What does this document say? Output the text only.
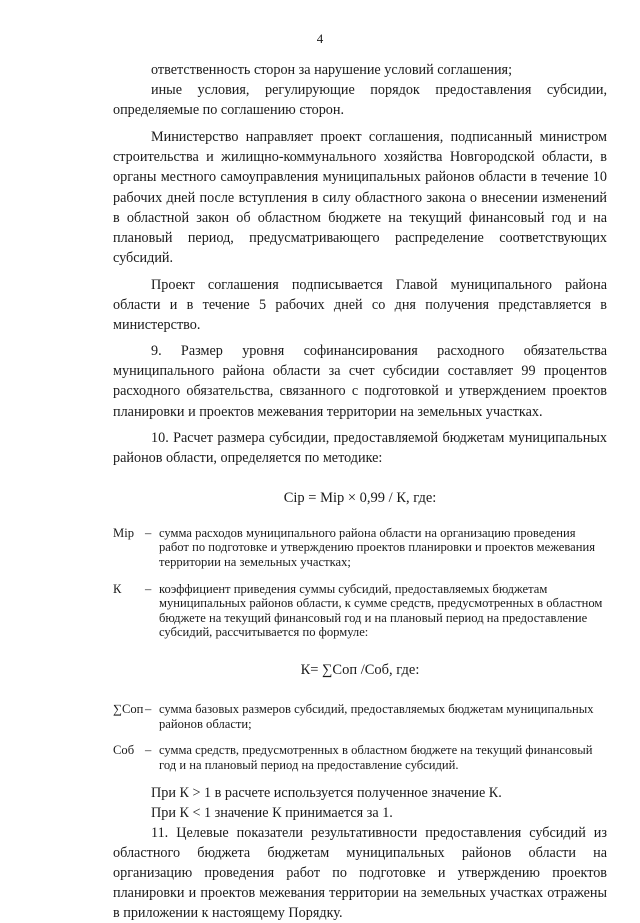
4

ответственность сторон за нарушение условий соглашения;

иные условия, регулирующие порядок предоставления субсидии, определяемые по соглашению сторон.

Министерство направляет проект соглашения, подписанный министром строительства и жилищно-коммунального хозяйства Новгородской области, в органы местного самоуправления муниципальных районов области в течение 10 рабочих дней после вступления в силу областного закона о внесении изменений в областной закон об областном бюджете на текущий финансовый год и на плановый период, предусматривающего распределение соответствующих субсидий.

Проект соглашения подписывается Главой муниципального района области и в течение 5 рабочих дней со дня получения представляется в министерство.

9. Размер уровня софинансирования расходного обязательства муниципального района области за счет субсидии составляет 99 процентов расходного обязательства, связанного с подготовкой и утверждением проектов планировки и проектов межевания территории на земельных участках.

10. Расчет размера субсидии, предоставляемой бюджетам муниципальных районов области, определяется по методике:

Сip = Мip × 0,99 / К, где:

Мip – сумма расходов муниципального района области на организацию проведения работ по подготовке и утверждению проектов планировки и проектов межевания территории на земельных участках;
К	– коэффициент приведения суммы субсидий, предоставляемых бюджетам муниципальных районов области, к сумме средств, предусмотренных в областном бюджете на текущий финансовый год и на плановый период на предоставление субсидий, рассчитывается по формуле:

К= ∑Соп /Соб, где:

∑Соп – сумма базовых размеров субсидий, предоставляемых бюджетам муниципальных районов области;
Соб – сумма средств, предусмотренных в областном бюджете на текущий финансовый год и на плановый период на предоставление субсидий.

При К > 1 в расчете используется полученное значение К.

При К < 1 значение К принимается за 1.

11. Целевые показатели результативности предоставления субсидий из областного бюджета бюджетам муниципальных районов области на организацию проведения работ по подготовке и утверждению проектов планировки и проектов межевания территории на земельных участках отражены в приложении к настоящему Порядку.
